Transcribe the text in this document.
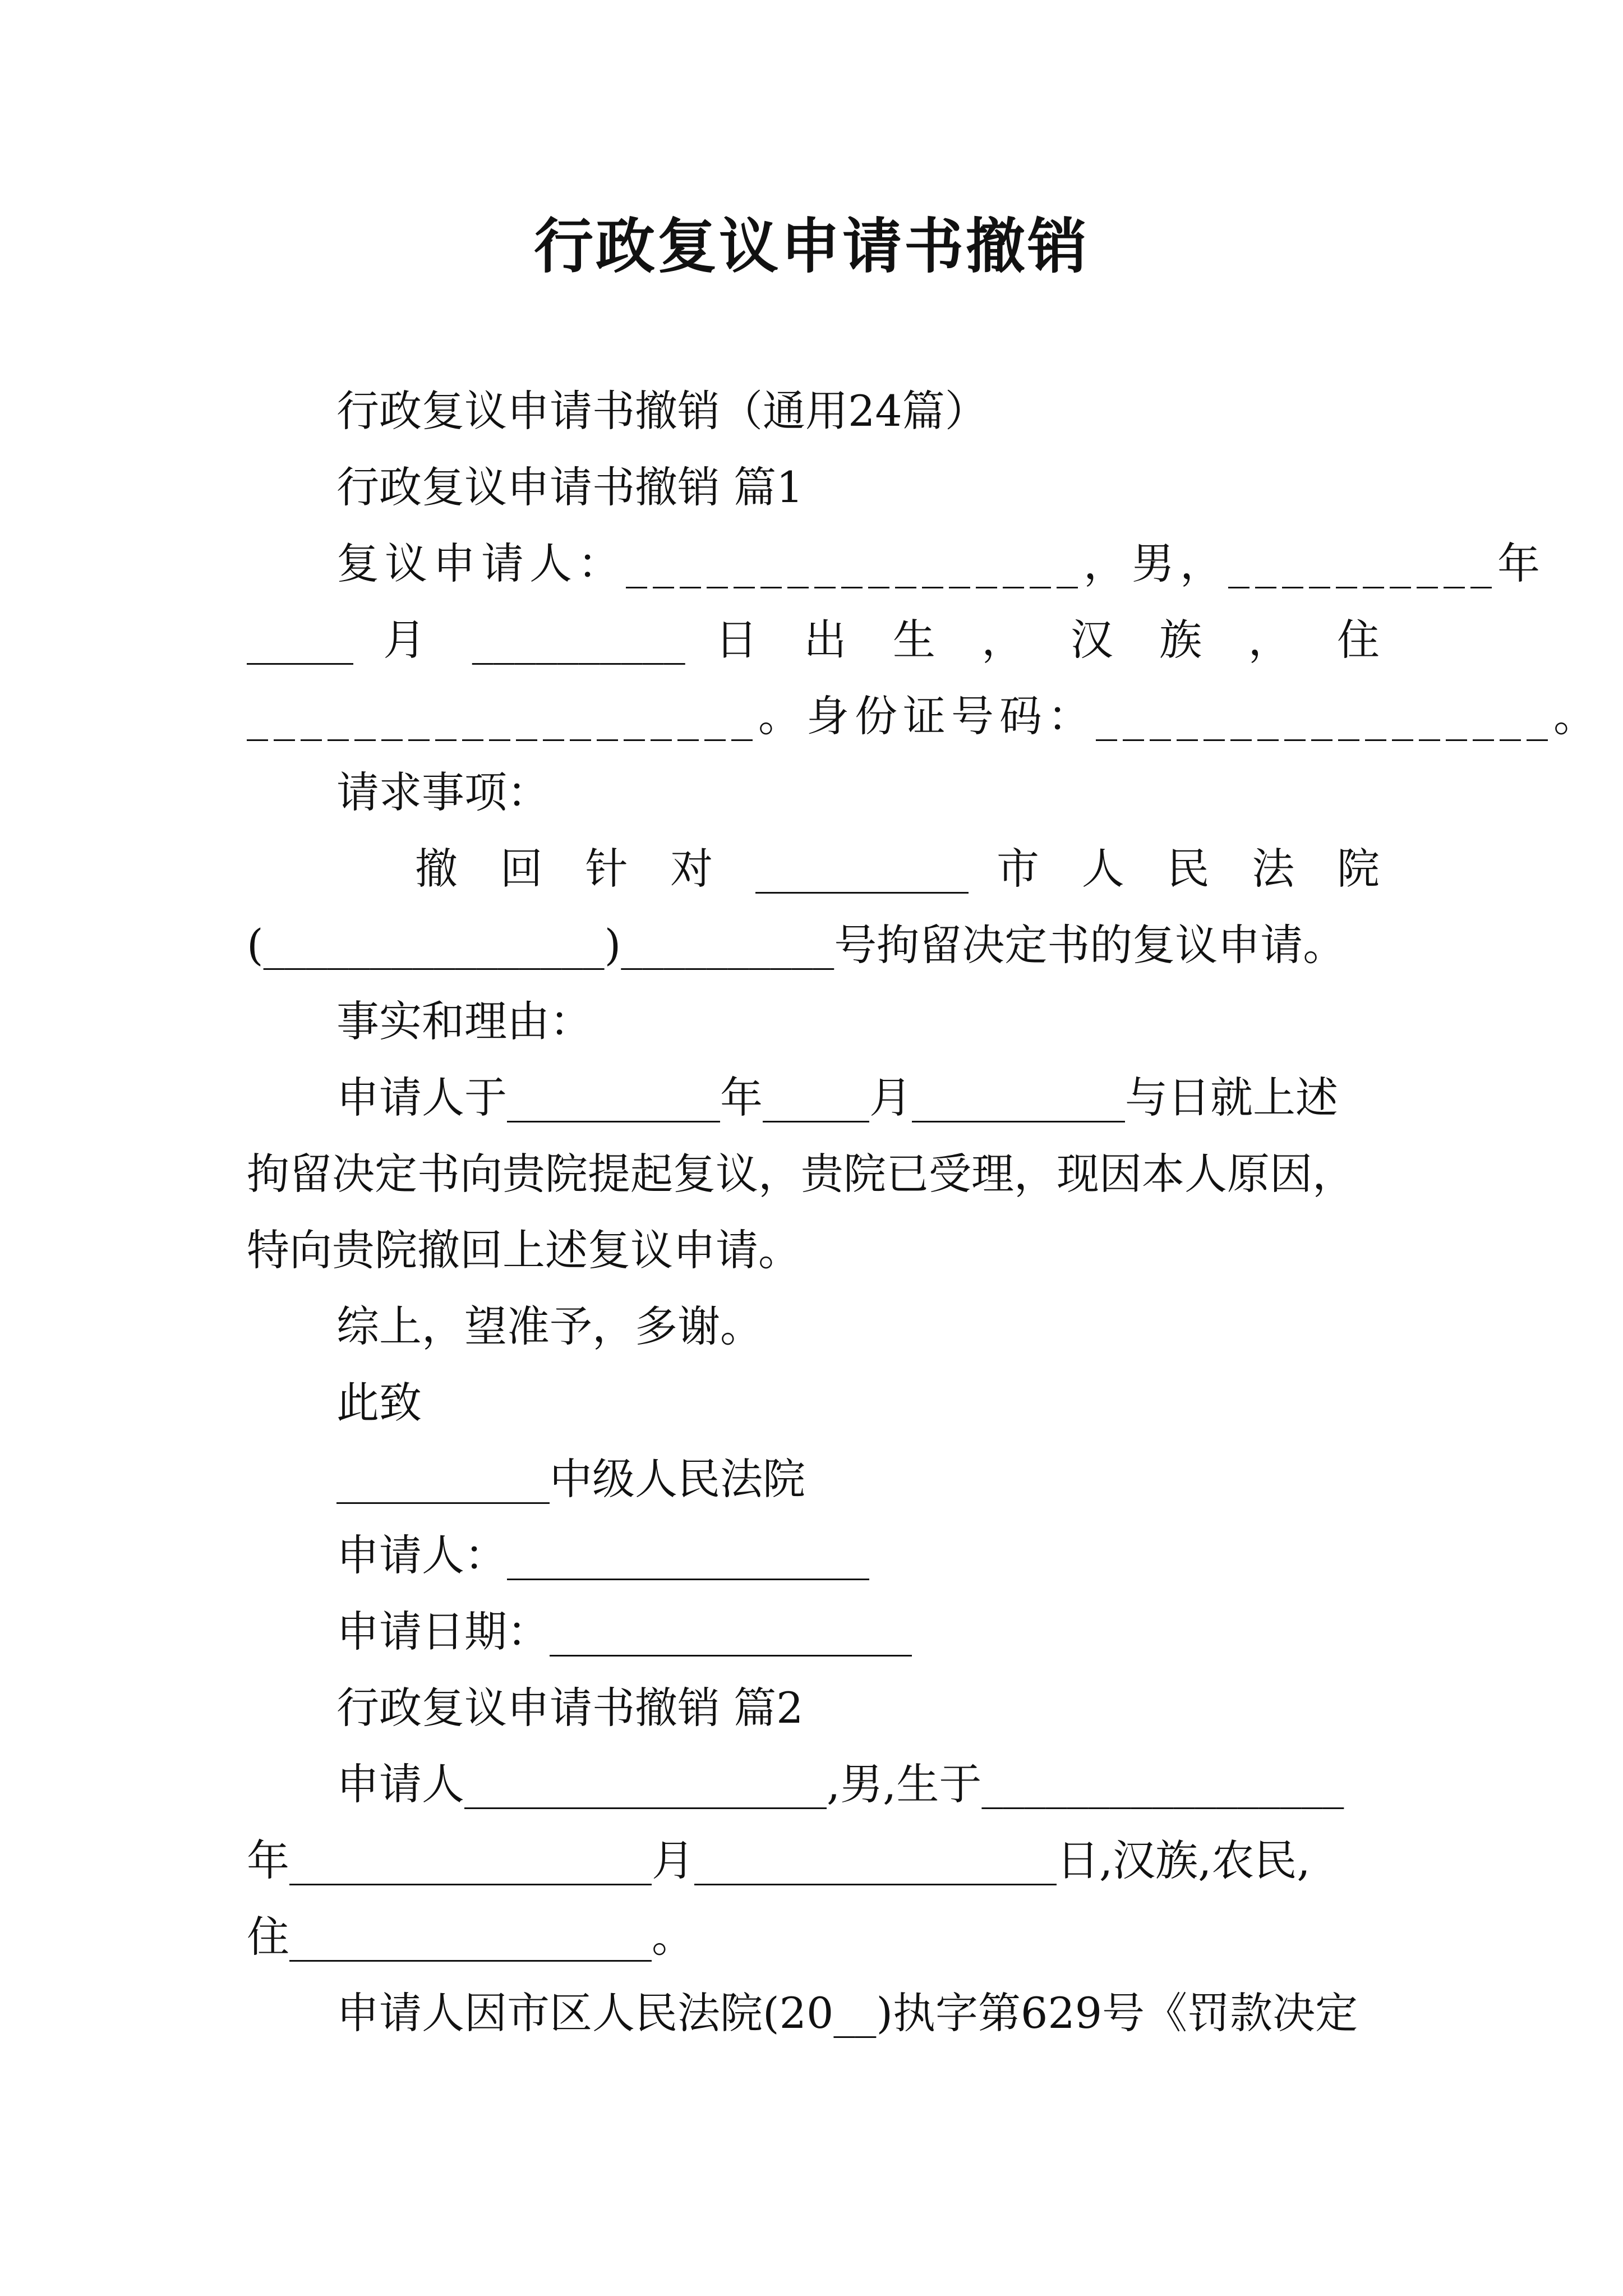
行政复议申请书撤销
行政复议申请书撤销（通用24篇）
行政复议申请书撤销 篇1
复议申请人：_________________，男，__________年
_____ 月 __________ 日 出 生 ， 汉 族 ， 住
___________________。身份证号码：_________________。
请求事项：
撤 回 针 对 __________ 市 人 民 法 院
(________________)__________号拘留决定书的复议申请。
事实和理由：
申请人于__________年_____月__________与日就上述
拘留决定书向贵院提起复议，贵院已受理，现因本人原因，
特向贵院撤回上述复议申请。
综上，望准予，多谢。
此致
__________中级人民法院
申请人：_________________
申请日期：_________________
行政复议申请书撤销 篇2
申请人_________________,男,生于_________________
年_________________月_________________日,汉族,农民,
住_________________。
申请人因市区人民法院(20__)执字第629号《罚款决定
